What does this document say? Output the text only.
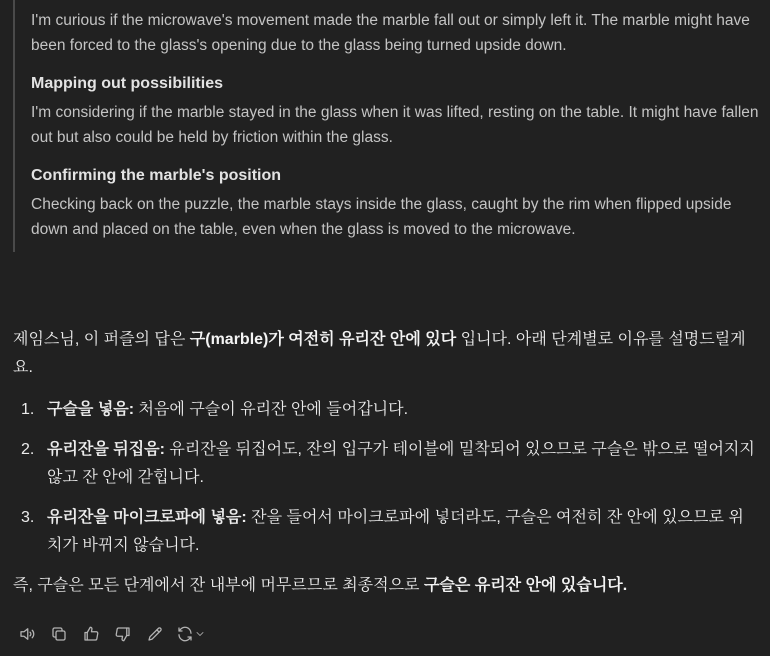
I'm curious if the microwave's movement made the marble fall out or simply left it. The marble might have been forced to the glass's opening due to the glass being turned upside down.
Mapping out possibilities
I'm considering if the marble stayed in the glass when it was lifted, resting on the table. It might have fallen out but also could be held by friction within the glass.
Confirming the marble's position
Checking back on the puzzle, the marble stays inside the glass, caught by the rim when flipped upside down and placed on the table, even when the glass is moved to the microwave.

제임스님, 이 퍼즐의 답은 구(marble)가 여전히 유리잔 안에 있다 입니다. 아래 단계별로 이유를 설명드릴게요.

1. 구슬을 넣음: 처음에 구슬이 유리잔 안에 들어갑니다.
2. 유리잔을 뒤집음: 유리잔을 뒤집어도, 잔의 입구가 테이블에 밀착되어 있으므로 구슬은 밖으로 떨어지지 않고 잔 안에 갇힙니다.
3. 유리잔을 마이크로파에 넣음: 잔을 들어서 마이크로파에 넣더라도, 구슬은 여전히 잔 안에 있으므로 위치가 바뀌지 않습니다.

즉, 구슬은 모든 단계에서 잔 내부에 머무르므로 최종적으로 구슬은 유리잔 안에 있습니다.
